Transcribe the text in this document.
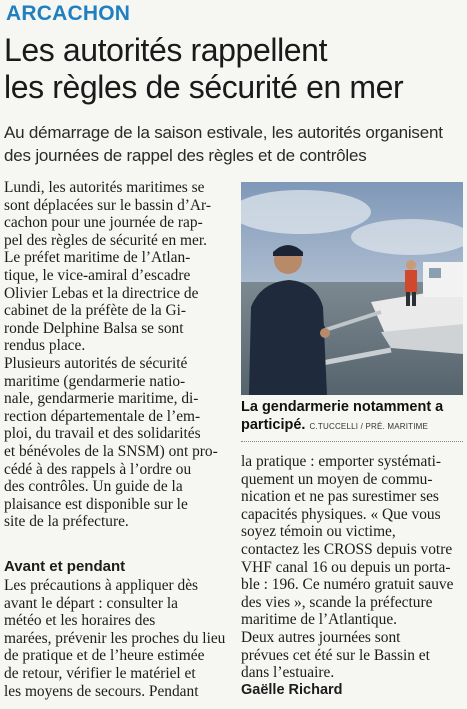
ARCACHON
Les autorités rappellent
les règles de sécurité en mer
Au démarrage de la saison estivale, les autorités organisent
des journées de rappel des règles et de contrôles
Lundi, les autorités maritimes se
sont déplacées sur le bassin d’Ar-
cachon pour une journée de rap-
pel des règles de sécurité en mer.
Le préfet maritime de l’Atlan-
tique, le vice-amiral d’escadre
Olivier Lebas et la directrice de
cabinet de la préfète de la Gi-
ronde Delphine Balsa se sont
rendus place.
Plusieurs autorités de sécurité
maritime (gendarmerie natio-
nale, gendarmerie maritime, di-
rection départementale de l’em-
ploi, du travail et des solidarités
et bénévoles de la SNSM) ont pro-
cédé à des rappels à l’ordre ou
des contrôles. Un guide de la
plaisance est disponible sur le
site de la préfecture.
Avant et pendant
Les précautions à appliquer dès
avant le départ : consulter la
météo et les horaires des
marées, prévenir les proches du lieu
de pratique et de l’heure estimée
de retour, vérifier le matériel et
les moyens de secours. Pendant
La gendarmerie notamment a participé. C.TUCCELLI / PRÉ. MARITIME
la pratique : emporter systémati-
quement un moyen de commu-
nication et ne pas surestimer ses
capacités physiques. « Que vous
soyez témoin ou victime,
contactez les CROSS depuis votre
VHF canal 16 ou depuis un porta-
ble : 196. Ce numéro gratuit sauve
des vies », scande la préfecture
maritime de l’Atlantique.
Deux autres journées sont
prévues cet été sur le Bassin et
dans l’estuaire.
Gaëlle Richard
